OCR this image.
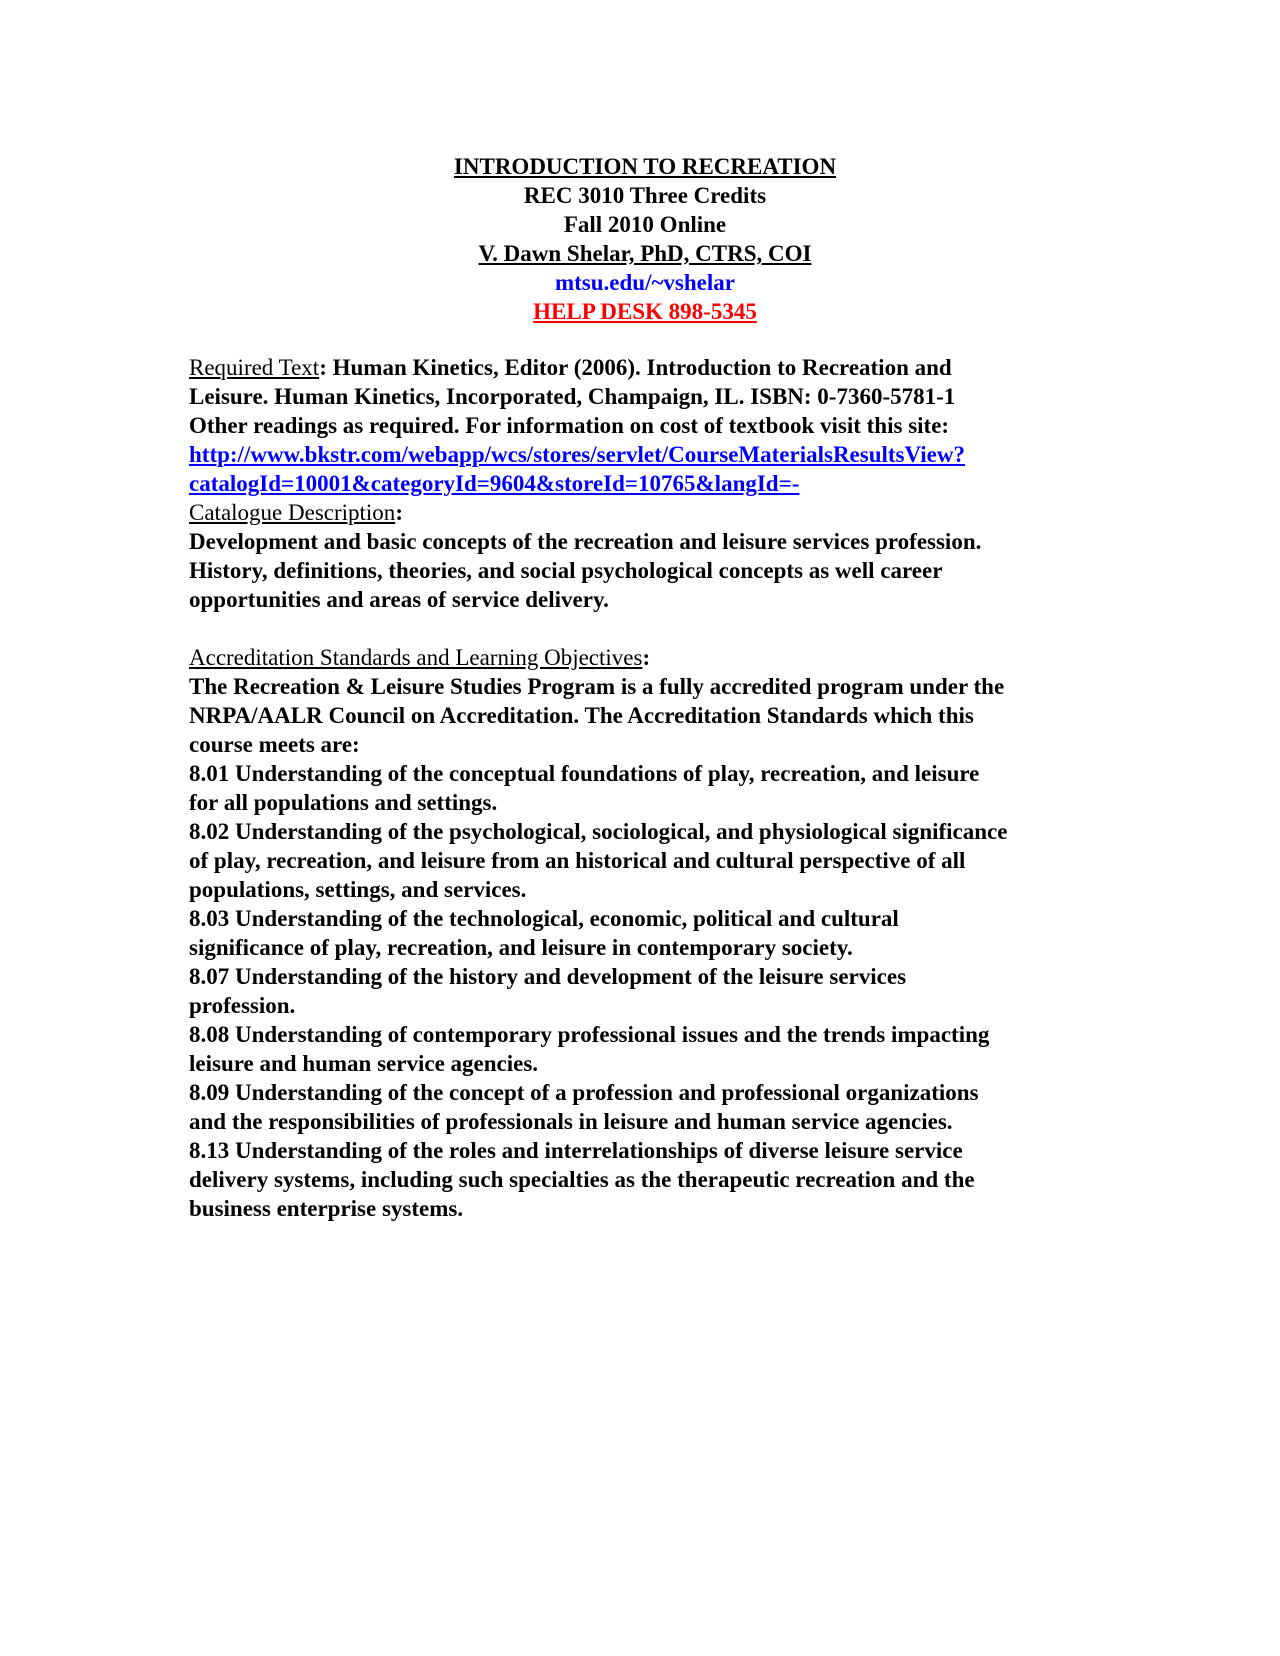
INTRODUCTION TO RECREATION
REC 3010 Three Credits
Fall 2010 Online
V. Dawn Shelar, PhD, CTRS, COI
mtsu.edu/~vshelar
HELP DESK 898-5345
Required Text: Human Kinetics, Editor (2006). Introduction to Recreation and
Leisure. Human Kinetics, Incorporated, Champaign, IL. ISBN: 0-7360-5781-1
Other readings as required. For information on cost of textbook visit this site:
http://www.bkstr.com/webapp/wcs/stores/servlet/CourseMaterialsResultsView?
catalogId=10001&categoryId=9604&storeId=10765&langId=-
Catalogue Description:
Development and basic concepts of the recreation and leisure services profession.
History, definitions, theories, and social psychological concepts as well career
opportunities and areas of service delivery.
Accreditation Standards and Learning Objectives:
The Recreation & Leisure Studies Program is a fully accredited program under the
NRPA/AALR Council on Accreditation. The Accreditation Standards which this
course meets are:
8.01 Understanding of the conceptual foundations of play, recreation, and leisure
for all populations and settings.
8.02 Understanding of the psychological, sociological, and physiological significance
of play, recreation, and leisure from an historical and cultural perspective of all
populations, settings, and services.
8.03 Understanding of the technological, economic, political and cultural
significance of play, recreation, and leisure in contemporary society.
8.07 Understanding of the history and development of the leisure services
profession.
8.08 Understanding of contemporary professional issues and the trends impacting
leisure and human service agencies.
8.09 Understanding of the concept of a profession and professional organizations
and the responsibilities of professionals in leisure and human service agencies.
8.13 Understanding of the roles and interrelationships of diverse leisure service
delivery systems, including such specialties as the therapeutic recreation and the
business enterprise systems.
